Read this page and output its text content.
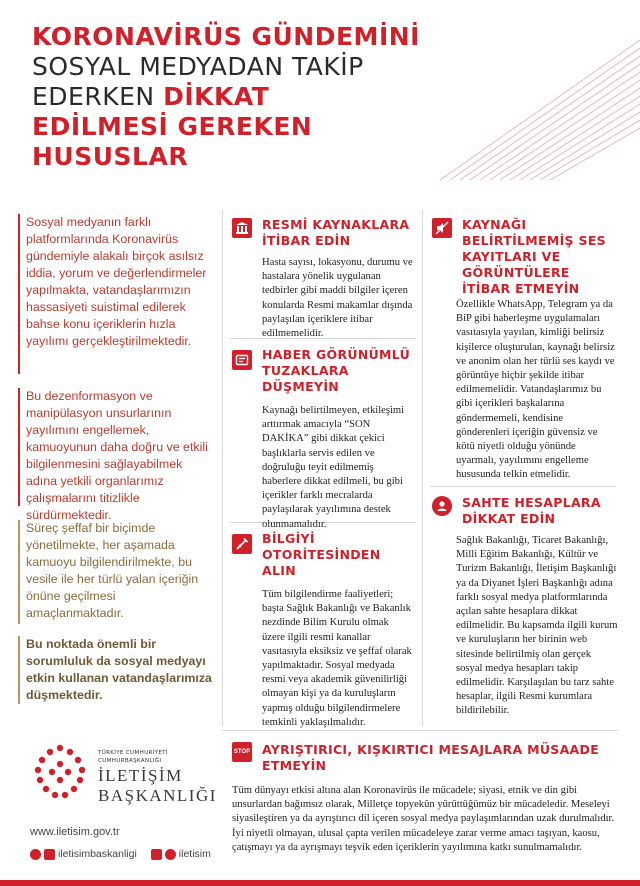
KORONAVİRÜS GÜNDEMİNİ
SOSYAL MEDYADAN TAKİP
EDERKEN DİKKAT
EDİLMESİ GEREKEN
HUSUSLAR
Sosyal medyanın farklı platformlarında Koronavirüs gündemiyle alakalı birçok asılsız iddia, yorum ve değerlendirmeler yapılmakta, vatandaşlarımızın hassasiyeti suistimal edilerek bahse konu içeriklerin hızla yayılımı gerçekleştirilmektedir.
Bu dezenformasyon ve manipülasyon unsurlarının yayılımını engellemek, kamuoyunun daha doğru ve etkili bilgilenmesini sağlayabilmek adına yetkili organlarımız çalışmalarını titizlikle sürdürmektedir.
Süreç şeffaf bir biçimde yönetilmekte, her aşamada kamuoyu bilgilendirilmekte, bu vesile ile her türlü yalan içeriğin önüne geçilmesi amaçlanmaktadır.
Bu noktada önemli bir sorumluluk da sosyal medyayı etkin kullanan vatandaşlarımıza düşmektedir.
RESMİ KAYNAKLARA İTİBAR EDİN
Hasta sayısı, lokasyonu, durumu ve hastalara yönelik uygulanan tedbirler gibi maddi bilgiler içeren konularda Resmi makamlar dışında paylaşılan içeriklere itibar edilmemelidir.
HABER GÖRÜNÜMLÜ TUZAKLARA DÜŞMEYİN
Kaynağı belirtilmeyen, etkileşimi arttırmak amacıyla “SON DAKİKA” gibi dikkat çekici başlıklarla servis edilen ve doğruluğu teyit edilmemiş haberlere dikkat edilmeli, bu gibi içerikler farklı mecralarda paylaşılarak yayılımına destek olunmamalıdır.
BİLGİYİ OTORİTESİNDEN ALIN
Tüm bilgilendirme faaliyetleri; başta Sağlık Bakanlığı ve Bakanlık nezdinde Bilim Kurulu olmak üzere ilgili resmi kanallar vasıtasıyla eksiksiz ve şeffaf olarak yapılmaktadır. Sosyal medyada resmi veya akademik güvenilirliği olmayan kişi ya da kuruluşların yapmış olduğu bilgilendirmelere temkinli yaklaşılmalıdır.
KAYNAĞI BELİRTİLMEMİŞ SES KAYITLARI VE GÖRÜNTÜLERE İTİBAR ETMEYİN
Özellikle WhatsApp, Telegram ya da BiP gibi haberleşme uygulamaları vasıtasıyla yayılan, kimliği belirsiz kişilerce oluşturulan, kaynağı belirsiz ve anonim olan her türlü ses kaydı ve görüntüye hiçbir şekilde itibar edilmemelidir. Vatandaşlarımız bu gibi içerikleri başkalarına göndermemeli, kendisine gönderenleri içeriğin güvensiz ve kötü niyetli olduğu yönünde uyarmalı, yayılımını engelleme hususunda telkin etmelidir.
SAHTE HESAPLARA DİKKAT EDİN
Sağlık Bakanlığı, Ticaret Bakanlığı, Milli Eğitim Bakanlığı, Kültür ve Turizm Bakanlığı, İletişim Başkanlığı ya da Diyanet İşleri Başkanlığı adına farklı sosyal medya platformlarında açılan sahte hesaplara dikkat edilmelidir. Bu kapsamda ilgili kurum ve kuruluşların her birinin web sitesinde belirtilmiş olan gerçek sosyal medya hesapları takip edilmelidir. Karşılaşılan bu tarz sahte hesaplar, ilgili Resmi kurumlara bildirilebilir.
STOP AYRIŞTIRICI, KIŞKIRTICI MESAJLARA MÜSAADE ETMEYİN
Tüm dünyayı etkisi altına alan Koronavirüs ile mücadele; siyasi, etnik ve din gibi unsurlardan bağımsız olarak, Milletçe topyekûn yürüttüğümüz bir mücadeledir. Meseleyi siyasileştiren ya da ayrıştırıcı dil içeren sosyal medya paylaşımlarından uzak durulmalıdır. İyi niyetli olmayan, ulusal çapta verilen mücadeleye zarar verme amacı taşıyan, kaosu, çatışmayı ya da ayrışmayı teşvik eden içeriklerin yayılımına katkı sunulmamalıdır.
TÜRKİYE CUMHURİYETİ
CUMHURBAŞKANLIĞI
İLETİŞİM
BAŞKANLIĞI
www.iletisim.gov.tr
iletisimbaskanligi	iletisim
